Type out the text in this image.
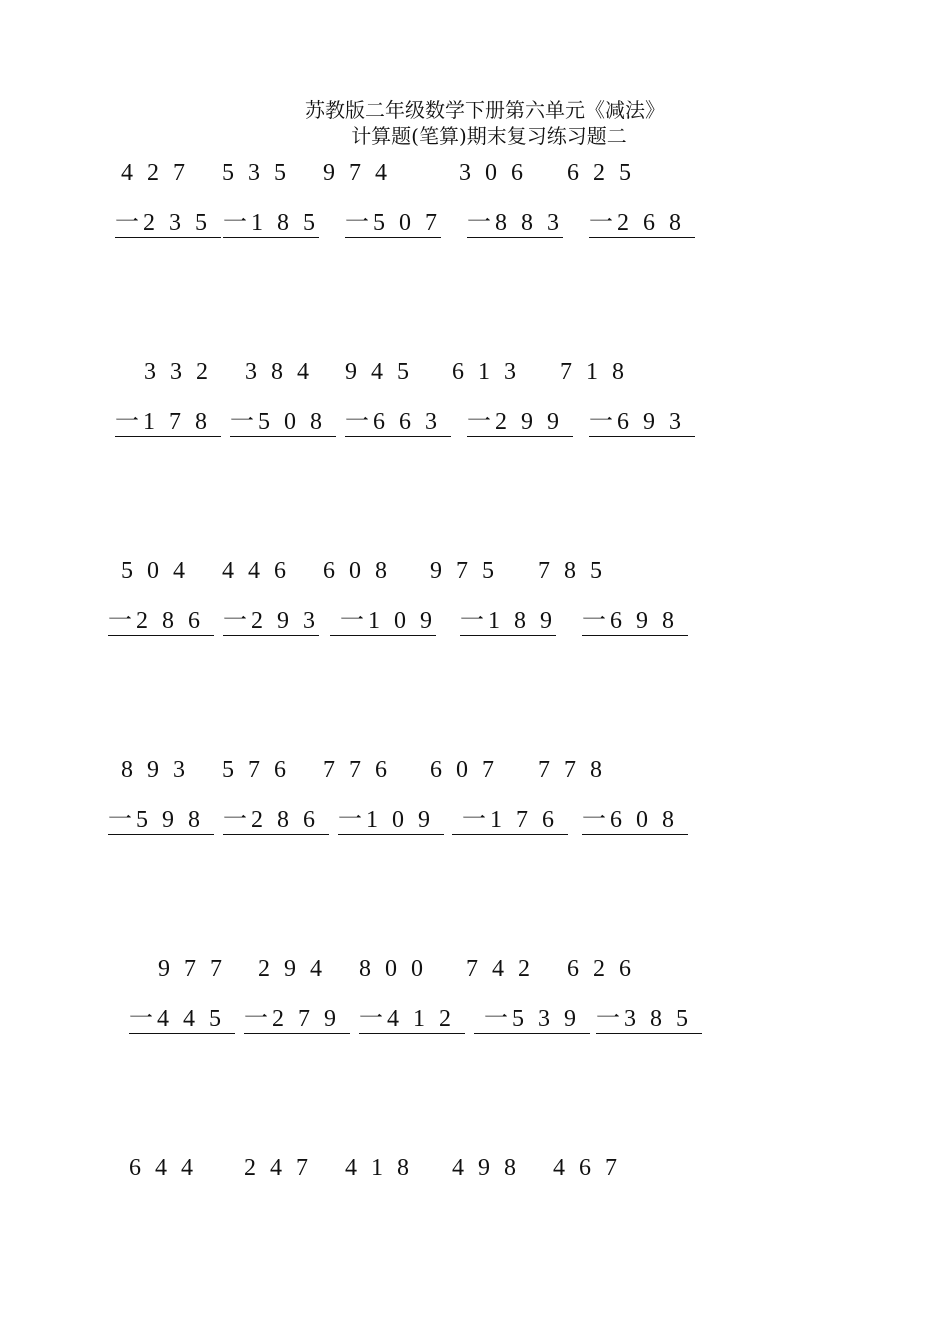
苏教版二年级数学下册第六单元《减法》
计算题(笔算)期末复习练习题二
4 2 7 5 3 5 9 7 4	3 0 6 6 2 5
一2 3 5 一1 8 5 一5 0 7 一8 8 3 一2 6 8
3 3 2 3 8 4 9 4 5 6 1 3 7 1 8
一1 7 8 一5 0 8 一6 6 3 一2 9 9 一6 9 3
5 0 4 4 4 6 6 0 8 9 7 5 7 8 5
一2 8 6 一2 9 3 一1 0 9 一1 8 9 一6 9 8
8 9 3 5 7 6 7 7 6 6 0 7 7 7 8
一5 9 8 一2 8 6 一1 0 9 一1 7 6 一6 0 8
9 7 7 2 9 4 8 0 0 7 4 2 6 2 6
一4 4 5 一2 7 9 一4 1 2 一5 3 9 一3 8 5
6 4 4 2 4 7 4 1 8 4 9 8 4 6 7
